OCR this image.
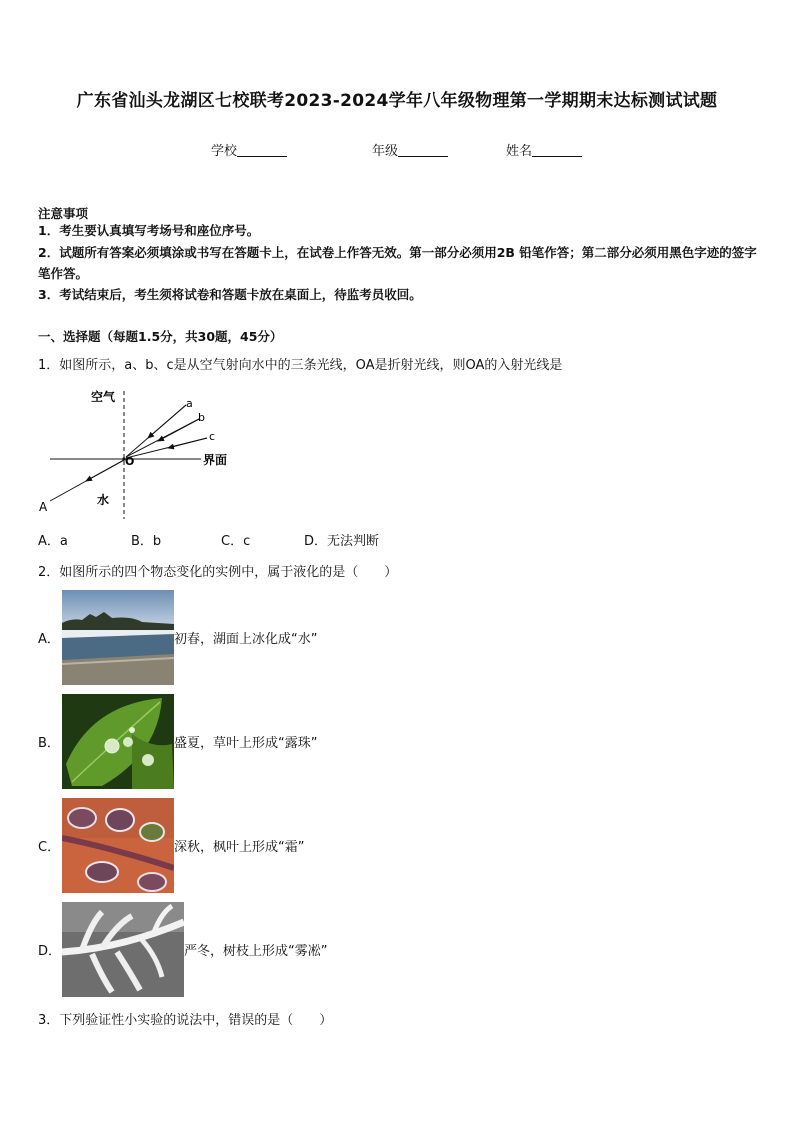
广东省汕头龙湖区七校联考2023-2024学年八年级物理第一学期期末达标测试试题
学校	年级	姓名
注意事项
1．考生要认真填写考场号和座位序号。
2．试题所有答案必须填涂或书写在答题卡上，在试卷上作答无效。第一部分必须用2B 铅笔作答；第二部分必须用黑色字迹的签字笔作答。
3．考试结束后，考生须将试卷和答题卡放在桌面上，待监考员收回。
一、选择题（每题1.5分，共30题，45分）
1．如图所示，a、b、c是从空气射向水中的三条光线，OA是折射光线，则OA的入射光线是
空气	a
b
c
O	界面
水
A
A．a	B．b	C．c	D．无法判断
2．如图所示的四个物态变化的实例中，属于液化的是（　　）
A．	初春，湖面上冰化成“水”
B．	盛夏，草叶上形成“露珠”
C．	深秋，枫叶上形成“霜”
D．	严冬，树枝上形成“雾凇”
3．下列验证性小实验的说法中，错误的是（　　）
